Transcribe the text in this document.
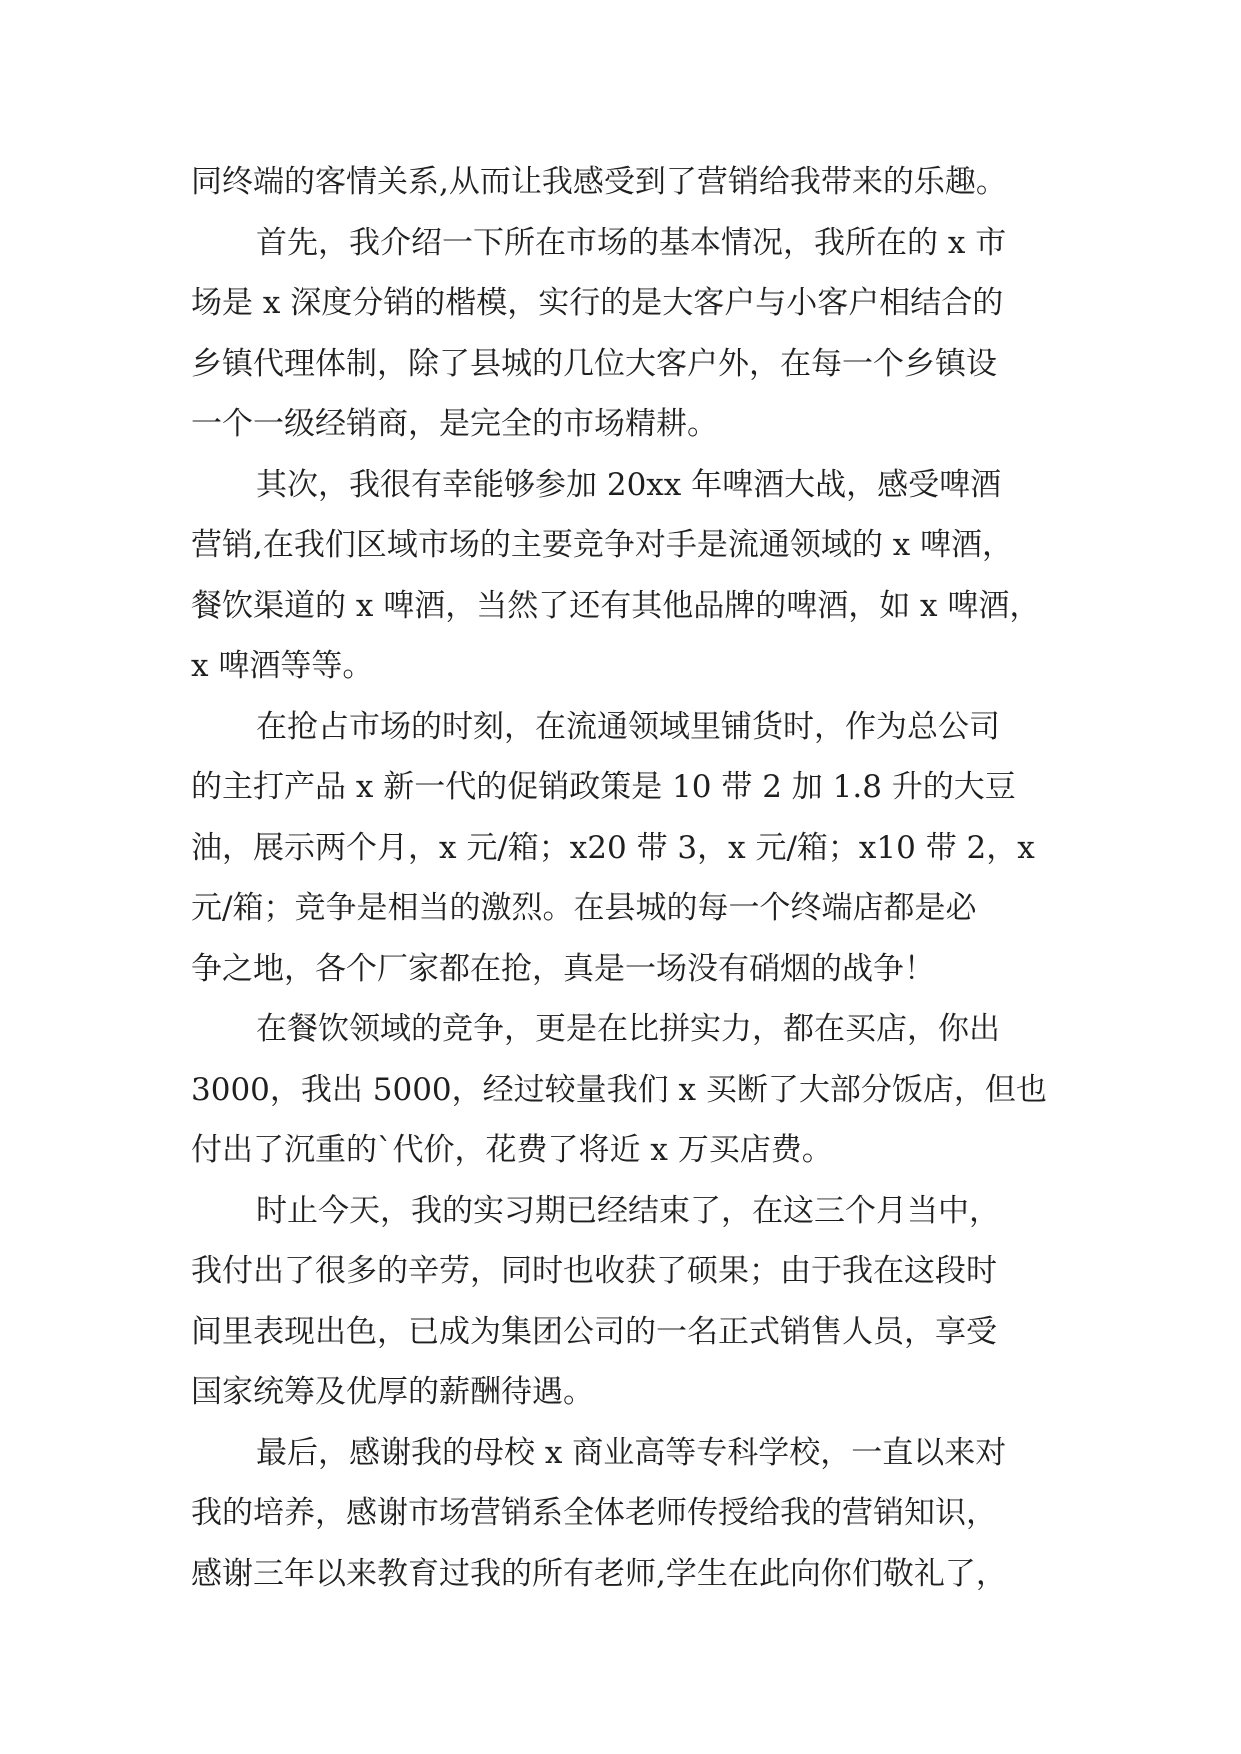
同终端的客情关系,从而让我感受到了营销给我带来的乐趣。
首先，我介绍一下所在市场的基本情况，我所在的 x 市
场是 x 深度分销的楷模，实行的是大客户与小客户相结合的
乡镇代理体制，除了县城的几位大客户外，在每一个乡镇设
一个一级经销商，是完全的市场精耕。
其次，我很有幸能够参加 20xx 年啤酒大战，感受啤酒
营销,在我们区域市场的主要竞争对手是流通领域的 x 啤酒，
餐饮渠道的 x 啤酒，当然了还有其他品牌的啤酒，如 x 啤酒，
x 啤酒等等。
在抢占市场的时刻，在流通领域里铺货时，作为总公司
的主打产品 x 新一代的促销政策是 10 带 2 加 1.8 升的大豆
油，展示两个月，x 元/箱；x20 带 3，x 元/箱；x10 带 2，x
元/箱；竞争是相当的激烈。在县城的每一个终端店都是必
争之地，各个厂家都在抢，真是一场没有硝烟的战争！
在餐饮领域的竞争，更是在比拼实力，都在买店，你出
3000，我出 5000，经过较量我们 x 买断了大部分饭店，但也
付出了沉重的`代价，花费了将近 x 万买店费。
时止今天，我的实习期已经结束了，在这三个月当中，
我付出了很多的辛劳，同时也收获了硕果；由于我在这段时
间里表现出色，已成为集团公司的一名正式销售人员，享受
国家统筹及优厚的薪酬待遇。
最后，感谢我的母校 x 商业高等专科学校，一直以来对
我的培养，感谢市场营销系全体老师传授给我的营销知识，
感谢三年以来教育过我的所有老师,学生在此向你们敬礼了，
